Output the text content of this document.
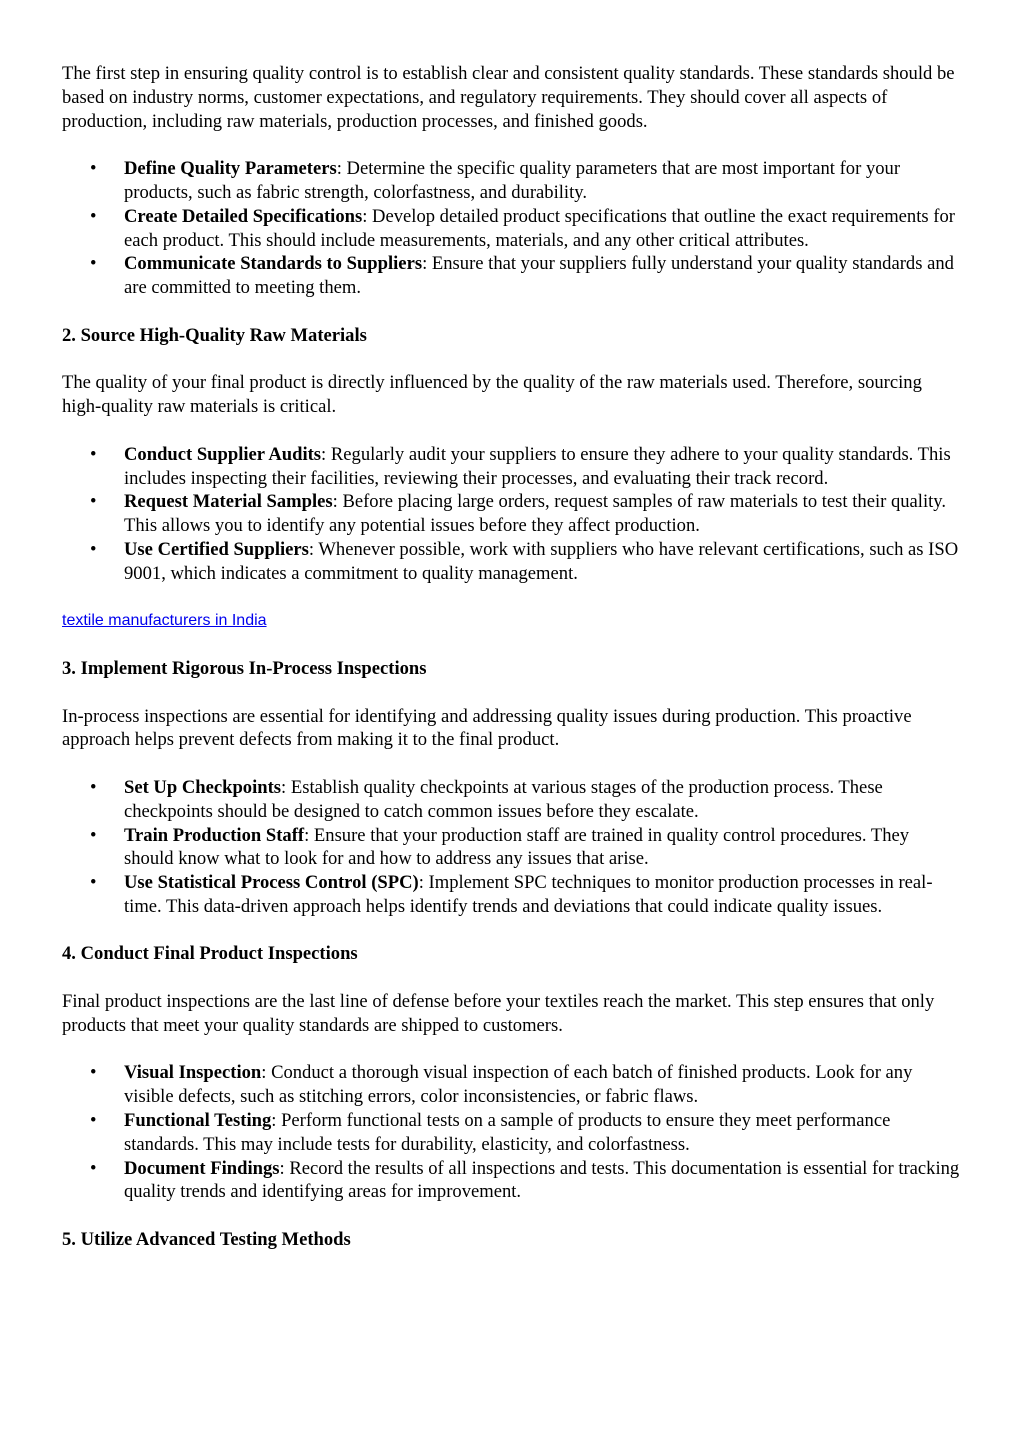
The first step in ensuring quality control is to establish clear and consistent quality standards. These standards should be based on industry norms, customer expectations, and regulatory requirements. They should cover all aspects of production, including raw materials, production processes, and finished goods.

• Define Quality Parameters: Determine the specific quality parameters that are most important for your products, such as fabric strength, colorfastness, and durability.
• Create Detailed Specifications: Develop detailed product specifications that outline the exact requirements for each product. This should include measurements, materials, and any other critical attributes.
• Communicate Standards to Suppliers: Ensure that your suppliers fully understand your quality standards and are committed to meeting them.

2. Source High-Quality Raw Materials

The quality of your final product is directly influenced by the quality of the raw materials used. Therefore, sourcing high-quality raw materials is critical.

• Conduct Supplier Audits: Regularly audit your suppliers to ensure they adhere to your quality standards. This includes inspecting their facilities, reviewing their processes, and evaluating their track record.
• Request Material Samples: Before placing large orders, request samples of raw materials to test their quality. This allows you to identify any potential issues before they affect production.
• Use Certified Suppliers: Whenever possible, work with suppliers who have relevant certifications, such as ISO 9001, which indicates a commitment to quality management.

textile manufacturers in India

3. Implement Rigorous In-Process Inspections

In-process inspections are essential for identifying and addressing quality issues during production. This proactive approach helps prevent defects from making it to the final product.

• Set Up Checkpoints: Establish quality checkpoints at various stages of the production process. These checkpoints should be designed to catch common issues before they escalate.
• Train Production Staff: Ensure that your production staff are trained in quality control procedures. They should know what to look for and how to address any issues that arise.
• Use Statistical Process Control (SPC): Implement SPC techniques to monitor production processes in real-time. This data-driven approach helps identify trends and deviations that could indicate quality issues.

4. Conduct Final Product Inspections

Final product inspections are the last line of defense before your textiles reach the market. This step ensures that only products that meet your quality standards are shipped to customers.

• Visual Inspection: Conduct a thorough visual inspection of each batch of finished products. Look for any visible defects, such as stitching errors, color inconsistencies, or fabric flaws.
• Functional Testing: Perform functional tests on a sample of products to ensure they meet performance standards. This may include tests for durability, elasticity, and colorfastness.
• Document Findings: Record the results of all inspections and tests. This documentation is essential for tracking quality trends and identifying areas for improvement.

5. Utilize Advanced Testing Methods
